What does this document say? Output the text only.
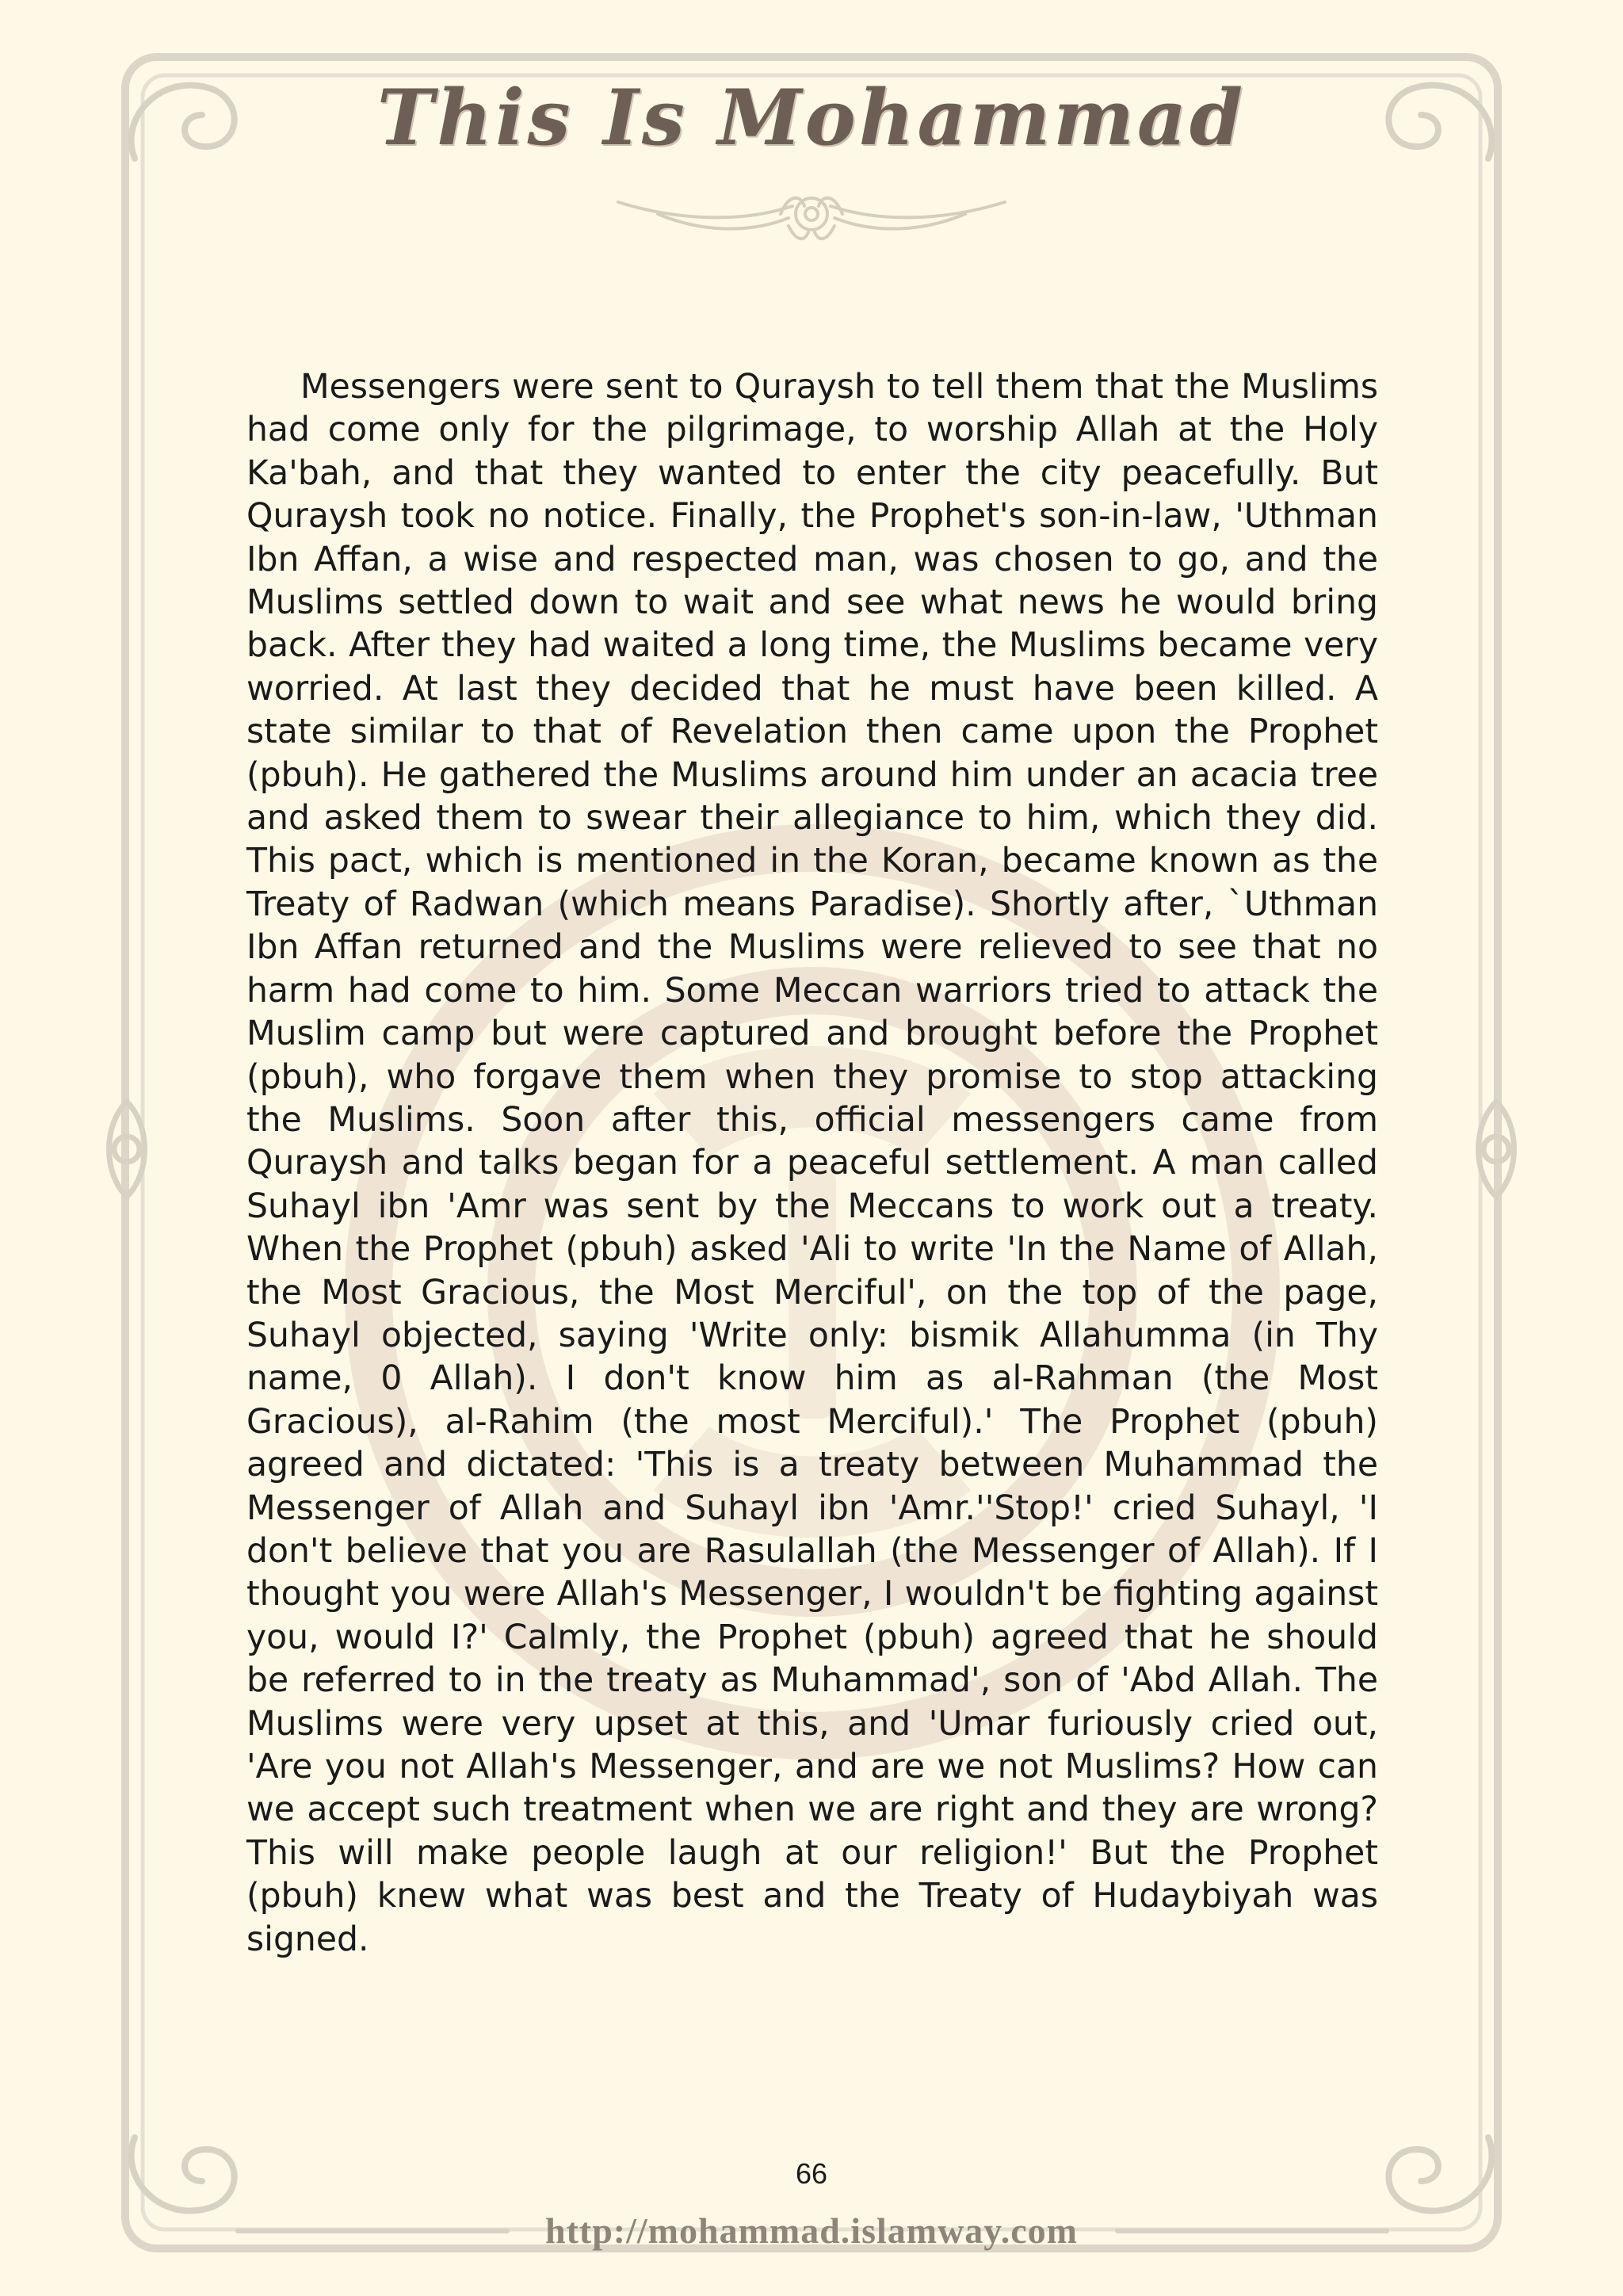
This Is Mohammad

Messengers were sent to Quraysh to tell them that the Muslims had come only for the pilgrimage, to worship Allah at the Holy Ka'bah, and that they wanted to enter the city peacefully. But Quraysh took no notice. Finally, the Prophet's son-in-law, 'Uthman Ibn Affan, a wise and respected man, was chosen to go, and the Muslims settled down to wait and see what news he would bring back. After they had waited a long time, the Muslims became very worried. At last they decided that he must have been killed. A state similar to that of Revelation then came upon the Prophet (pbuh). He gathered the Muslims around him under an acacia tree and asked them to swear their allegiance to him, which they did. This pact, which is mentioned in the Koran, became known as the Treaty of Radwan (which means Paradise). Shortly after, `Uthman Ibn Affan returned and the Muslims were relieved to see that no harm had come to him. Some Meccan warriors tried to attack the Muslim camp but were captured and brought before the Prophet (pbuh), who forgave them when they promise to stop attacking the Muslims. Soon after this, official messengers came from Quraysh and talks began for a peaceful settlement. A man called Suhayl ibn 'Amr was sent by the Meccans to work out a treaty. When the Prophet (pbuh) asked 'Ali to write 'In the Name of Allah, the Most Gracious, the Most Merciful', on the top of the page, Suhayl objected, saying 'Write only: bismik Allahumma (in Thy name, 0 Allah). I don't know him as al-Rahman (the Most Gracious), al-Rahim (the most Merciful).' The Prophet (pbuh) agreed and dictated: 'This is a treaty between Muhammad the Messenger of Allah and Suhayl ibn 'Amr.''Stop!' cried Suhayl, 'I don't believe that you are Rasulallah (the Messenger of Allah). If I thought you were Allah's Messenger, I wouldn't be fighting against you, would I?' Calmly, the Prophet (pbuh) agreed that he should be referred to in the treaty as Muhammad', son of 'Abd Allah. The Muslims were very upset at this, and 'Umar furiously cried out, 'Are you not Allah's Messenger, and are we not Muslims? How can we accept such treatment when we are right and they are wrong? This will make people laugh at our religion!' But the Prophet (pbuh) knew what was best and the Treaty of Hudaybiyah was signed.

66
http://mohammad.islamway.com
